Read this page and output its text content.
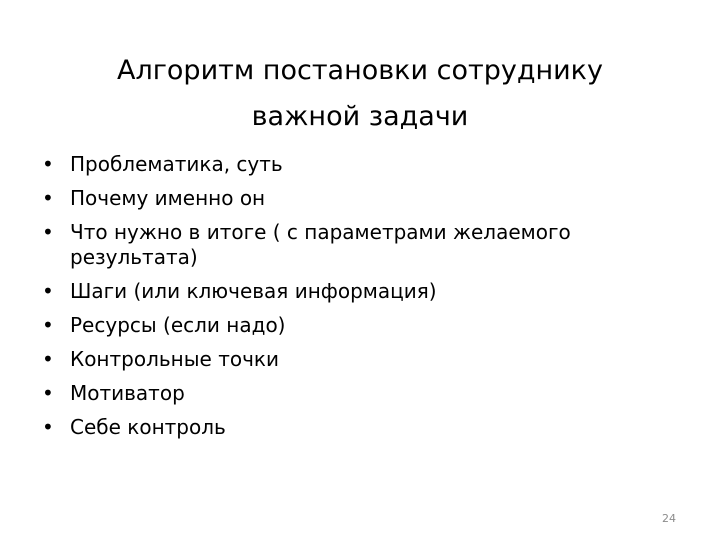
Алгоритм постановки сотруднику
важной задачи
• Проблематика, суть
• Почему именно он
• Что нужно в итоге ( с параметрами желаемого результата)
• Шаги (или ключевая информация)
• Ресурсы (если надо)
• Контрольные точки
• Мотиватор
• Себе контроль
24
